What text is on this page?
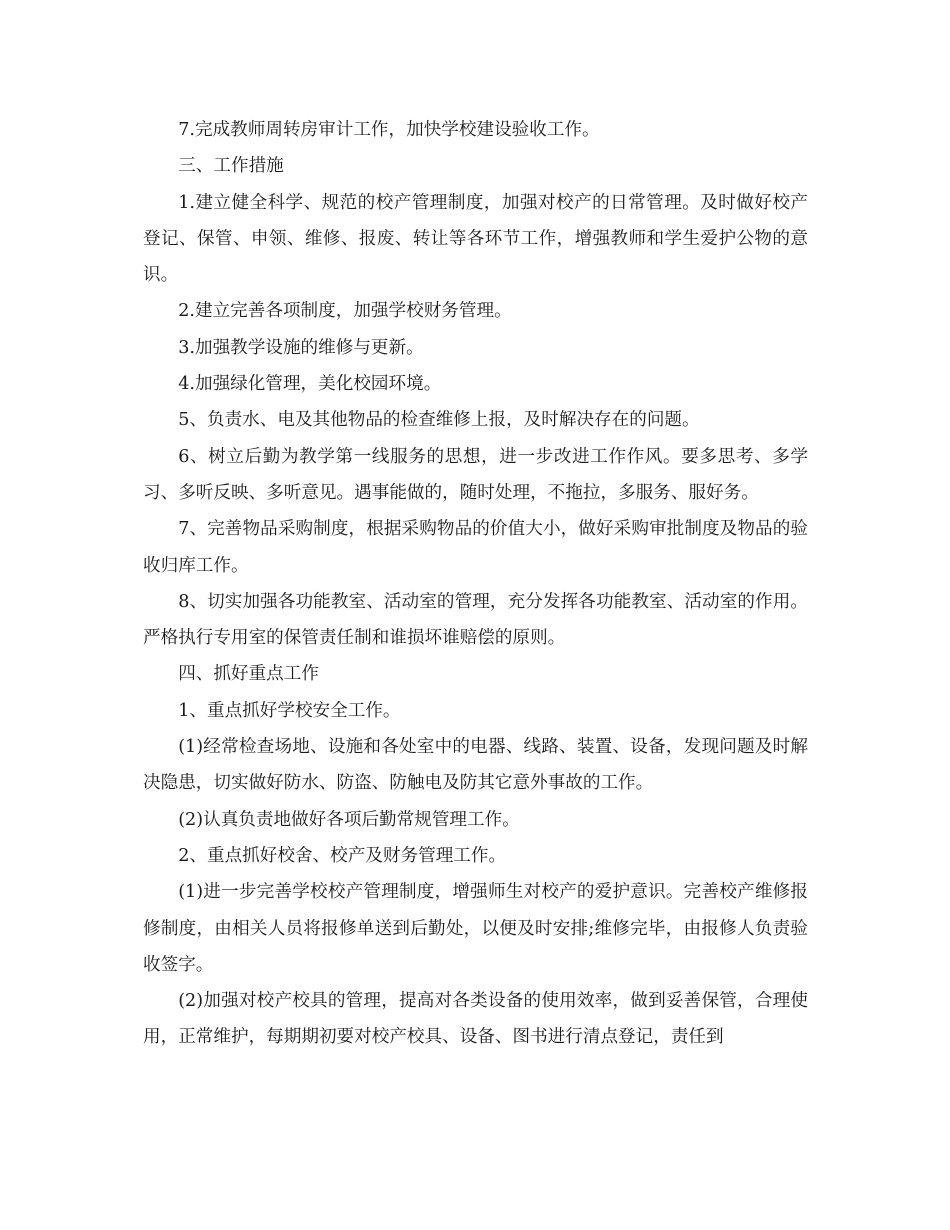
7.完成教师周转房审计工作，加快学校建设验收工作。

三、工作措施

1.建立健全科学、规范的校产管理制度，加强对校产的日常管理。及时做好校产登记、保管、申领、维修、报废、转让等各环节工作，增强教师和学生爱护公物的意识。

2.建立完善各项制度，加强学校财务管理。

3.加强教学设施的维修与更新。

4.加强绿化管理，美化校园环境。

5、负责水、电及其他物品的检查维修上报，及时解决存在的问题。

6、树立后勤为教学第一线服务的思想，进一步改进工作作风。要多思考、多学习、多听反映、多听意见。遇事能做的，随时处理，不拖拉，多服务、服好务。

7、完善物品采购制度，根据采购物品的价值大小，做好采购审批制度及物品的验收归库工作。

8、切实加强各功能教室、活动室的管理，充分发挥各功能教室、活动室的作用。严格执行专用室的保管责任制和谁损坏谁赔偿的原则。

四、抓好重点工作

1、重点抓好学校安全工作。

(1)经常检查场地、设施和各处室中的电器、线路、装置、设备，发现问题及时解决隐患，切实做好防水、防盗、防触电及防其它意外事故的工作。

(2)认真负责地做好各项后勤常规管理工作。

2、重点抓好校舍、校产及财务管理工作。

(1)进一步完善学校校产管理制度，增强师生对校产的爱护意识。完善校产维修报修制度，由相关人员将报修单送到后勤处，以便及时安排;维修完毕，由报修人负责验收签字。

(2)加强对校产校具的管理，提高对各类设备的使用效率，做到妥善保管，合理使用，正常维护，每期期初要对校产校具、设备、图书进行清点登记，责任到
